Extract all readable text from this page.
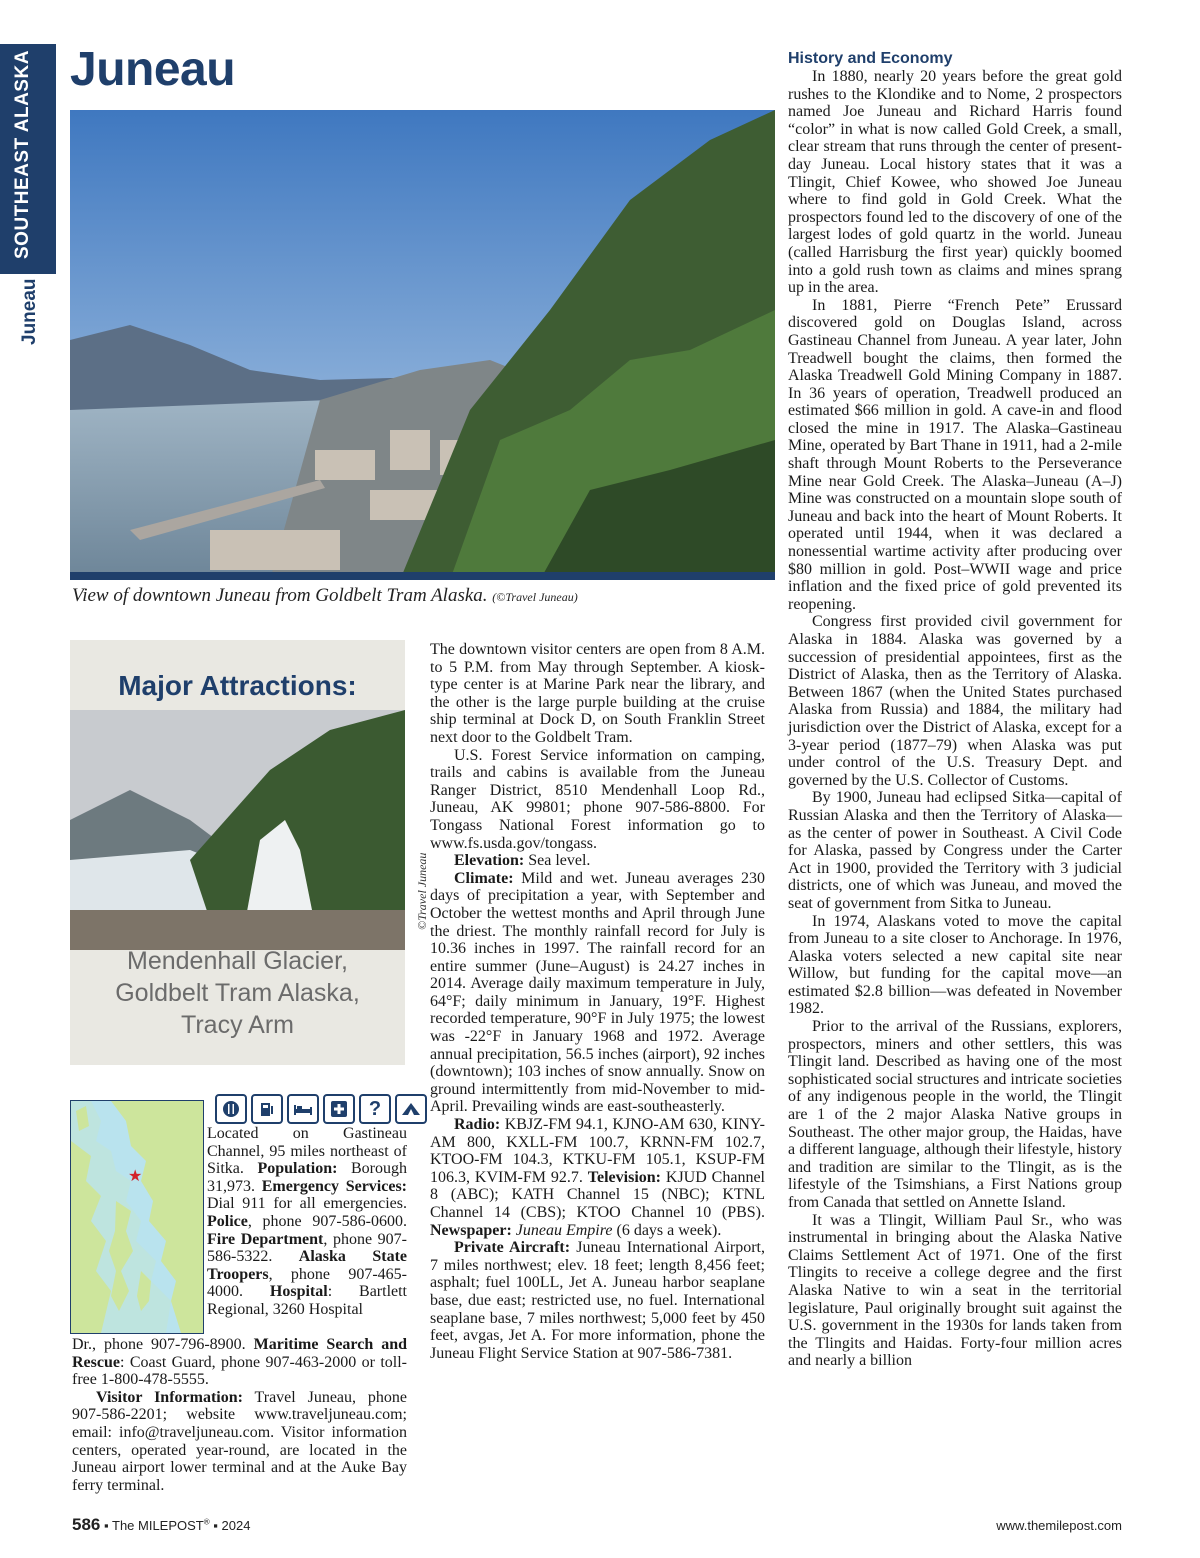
SOUTHEAST ALASKA
Juneau
Juneau
View of downtown Juneau from Goldbelt Tram Alaska. (©Travel Juneau)
Major Attractions:
Mendenhall Glacier,
Goldbelt Tram Alaska,
Tracy Arm
©Travel Juneau
?
★

Located on Gastineau Channel, 95 miles northeast of Sitka. Population: Borough 31,973. Emergency Services: Dial 911 for all emergencies. Police, phone 907-586-0600. Fire Department, phone 907-586-5322. Alaska State Troopers, phone 907-465-4000. Hospital: Bartlett Regional, 3260 Hospital

Dr., phone 907-796-8900. Maritime Search and Rescue: Coast Guard, phone 907-463-2000 or toll-free 1-800-478-5555.

Visitor Information: Travel Juneau, phone 907-586-2201; website www.traveljuneau.com; email: info@traveljuneau.com. Visitor information centers, operated year-round, are located in the Juneau airport lower terminal and at the Auke Bay ferry terminal.

The downtown visitor centers are open from 8 A.M. to 5 P.M. from May through September. A kiosk-type center is at Marine Park near the library, and the other is the large purple building at the cruise ship terminal at Dock D, on South Franklin Street next door to the Goldbelt Tram.

U.S. Forest Service information on camping, trails and cabins is available from the Juneau Ranger District, 8510 Mendenhall Loop Rd., Juneau, AK 99801; phone 907-586-8800. For Tongass National Forest information go to www.fs.usda.gov/tongass.

Elevation: Sea level.

Climate: Mild and wet. Juneau averages 230 days of precipitation a year, with September and October the wettest months and April through June the driest. The monthly rainfall record for July is 10.36 inches in 1997. The rainfall record for an entire summer (June–August) is 24.27 inches in 2014. Average daily maximum temperature in July, 64°F; daily minimum in January, 19°F. Highest recorded temperature, 90°F in July 1975; the lowest was -22°F in January 1968 and 1972. Average annual precipitation, 56.5 inches (airport), 92 inches (downtown); 103 inches of snow annually. Snow on ground intermittently from mid-November to mid-April. Prevailing winds are east-southeasterly.

Radio: KBJZ-FM 94.1, KJNO-AM 630, KINY-AM 800, KXLL-FM 100.7, KRNN-FM 102.7, KTOO-FM 104.3, KTKU-FM 105.1, KSUP-FM 106.3, KVIM-FM 92.7. Television: KJUD Channel 8 (ABC); KATH Channel 15 (NBC); KTNL Channel 14 (CBS); KTOO Channel 10 (PBS). Newspaper: Juneau Empire (6 days a week).

Private Aircraft: Juneau International Airport, 7 miles northwest; elev. 18 feet; length 8,456 feet; asphalt; fuel 100LL, Jet A. Juneau harbor seaplane base, due east; restricted use, no fuel. International seaplane base, 7 miles northwest; 5,000 feet by 450 feet, avgas, Jet A. For more information, phone the Juneau Flight Service Station at 907-586-7381.

History and Economy

In 1880, nearly 20 years before the great gold rushes to the Klondike and to Nome, 2 prospectors named Joe Juneau and Richard Harris found “color” in what is now called Gold Creek, a small, clear stream that runs through the center of present-day Juneau. Local history states that it was a Tlingit, Chief Kowee, who showed Joe Juneau where to find gold in Gold Creek. What the prospectors found led to the discovery of one of the largest lodes of gold quartz in the world. Juneau (called Harrisburg the first year) quickly boomed into a gold rush town as claims and mines sprang up in the area.

In 1881, Pierre “French Pete” Erussard discovered gold on Douglas Island, across Gastineau Channel from Juneau. A year later, John Treadwell bought the claims, then formed the Alaska Treadwell Gold Mining Company in 1887. In 36 years of operation, Treadwell produced an estimated $66 million in gold. A cave-in and flood closed the mine in 1917. The Alaska–Gastineau Mine, operated by Bart Thane in 1911, had a 2-mile shaft through Mount Roberts to the Perseverance Mine near Gold Creek. The Alaska–Juneau (A–J) Mine was constructed on a mountain slope south of Juneau and back into the heart of Mount Roberts. It operated until 1944, when it was declared a nonessential wartime activity after producing over $80 million in gold. Post–WWII wage and price inflation and the fixed price of gold prevented its reopening.

Congress first provided civil government for Alaska in 1884. Alaska was governed by a succession of presidential appointees, first as the District of Alaska, then as the Territory of Alaska. Between 1867 (when the United States purchased Alaska from Russia) and 1884, the military had jurisdiction over the District of Alaska, except for a 3-year period (1877–79) when Alaska was put under control of the U.S. Treasury Dept. and governed by the U.S. Collector of Customs.

By 1900, Juneau had eclipsed Sitka—capital of Russian Alaska and then the Territory of Alaska—as the center of power in Southeast. A Civil Code for Alaska, passed by Congress under the Carter Act in 1900, provided the Territory with 3 judicial districts, one of which was Juneau, and moved the seat of government from Sitka to Juneau.

In 1974, Alaskans voted to move the capital from Juneau to a site closer to Anchorage. In 1976, Alaska voters selected a new capital site near Willow, but funding for the capital move—an estimated $2.8 billion—was defeated in November 1982.

Prior to the arrival of the Russians, explorers, prospectors, miners and other settlers, this was Tlingit land. Described as having one of the most sophisticated social structures and intricate societies of any indigenous people in the world, the Tlingit are 1 of the 2 major Alaska Native groups in Southeast. The other major group, the Haidas, have a different language, although their lifestyle, history and tradition are similar to the Tlingit, as is the lifestyle of the Tsimshians, a First Nations group from Canada that settled on Annette Island.

It was a Tlingit, William Paul Sr., who was instrumental in bringing about the Alaska Native Claims Settlement Act of 1971. One of the first Tlingits to receive a college degree and the first Alaska Native to win a seat in the territorial legislature, Paul originally brought suit against the U.S. government in the 1930s for lands taken from the Tlingits and Haidas. Forty-four million acres and nearly a billion

586 ▪ The MILEPOST® ▪ 2024	www.themilepost.com
